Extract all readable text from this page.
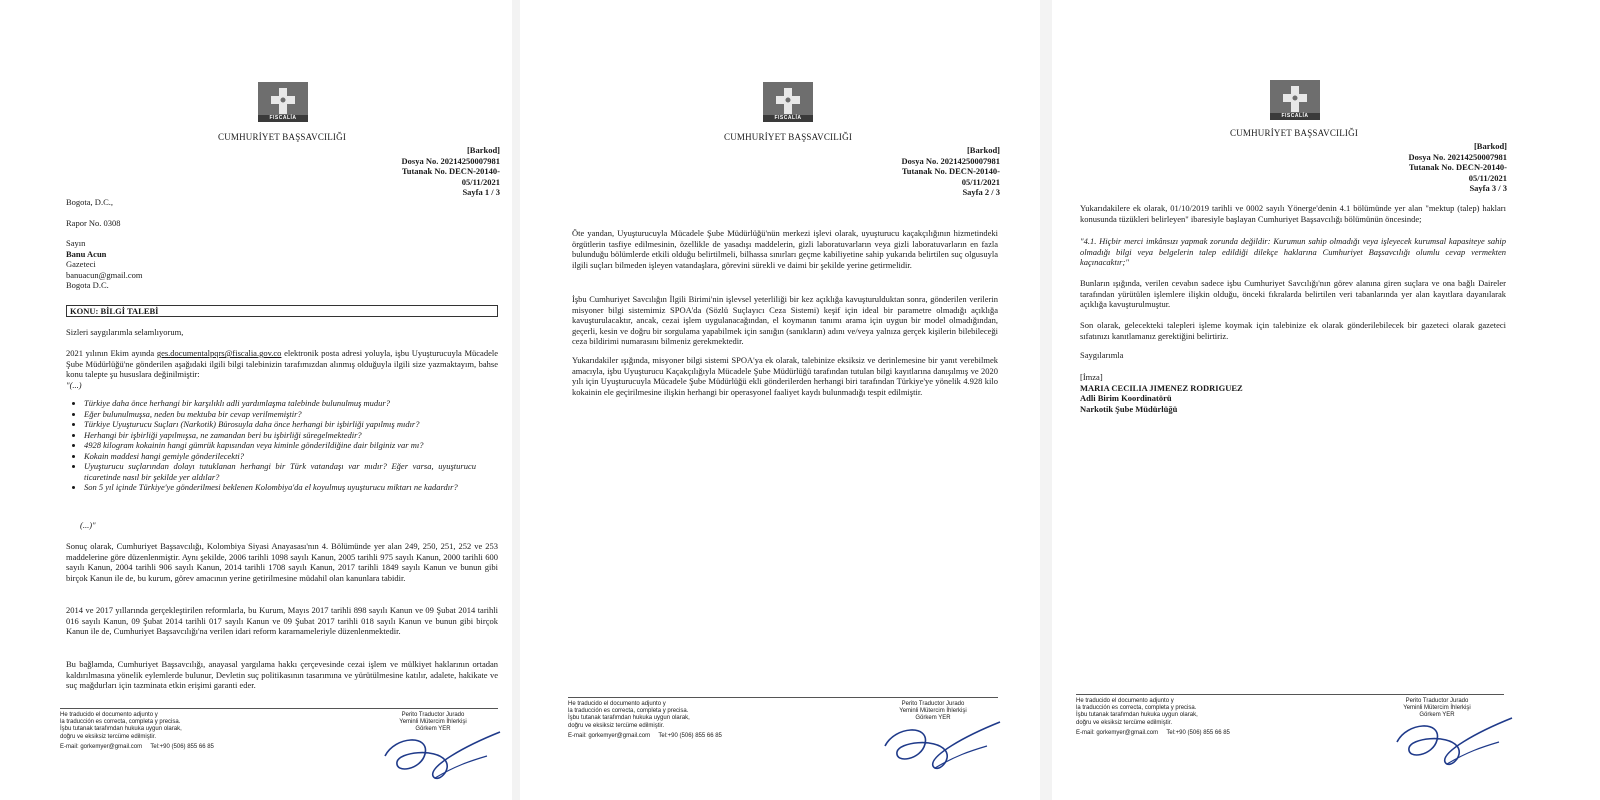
FISCALÍA
CUMHURİYET BAŞSAVCILIĞI
[Barkod]
Dosya No. 20214250007981
Tutanak No. DECN-20140-
05/11/2021
Sayfa 1 / 3
Bogota, D.C.,
Rapor No. 0308
Sayın
Banu Acun
Gazeteci
banuacun@gmail.com
Bogota D.C.
KONU: BİLGİ TALEBİ
Sizleri saygılarımla selamlıyorum,
2021 yılının Ekim ayında ges.documentalpqrs@fiscalia.gov.co elektronik posta adresi yoluyla, işbu Uyuşturucuyla Mücadele Şube Müdürlüğü'ne gönderilen aşağıdaki ilgili bilgi talebinizin tarafımızdan alınmış olduğuyla ilgili size yazmaktayım, bahse konu talepte şu hususlara değinilmiştir:
"(...)
• Türkiye daha önce herhangi bir karşılıklı adli yardımlaşma talebinde bulunulmuş mudur?
• Eğer bulunulmuşsa, neden bu mektuba bir cevap verilmemiştir?
• Türkiye Uyuşturucu Suçları (Narkotik) Bürosuyla daha önce herhangi bir işbirliği yapılmış mıdır?
• Herhangi bir işbirliği yapılmışsa, ne zamandan beri bu işbirliği süregelmektedir?
• 4928 kilogram kokainin hangi gümrük kapısından veya kiminle gönderildiğine dair bilginiz var mı?
• Kokain maddesi hangi gemiyle gönderilecekti?
• Uyuşturucu suçlarından dolayı tutuklanan herhangi bir Türk vatandaşı var mıdır? Eğer varsa, uyuşturucu ticaretinde nasıl bir şekilde yer aldılar?
• Son 5 yıl içinde Türkiye'ye gönderilmesi beklenen Kolombiya'da el koyulmuş uyuşturucu miktarı ne kadardır?
(...)"
Sonuç olarak, Cumhuriyet Başsavcılığı, Kolombiya Siyasi Anayasası'nın 4. Bölümünde yer alan 249, 250, 251, 252 ve 253 maddelerine göre düzenlenmiştir. Aynı şekilde, 2006 tarihli 1098 sayılı Kanun, 2005 tarihli 975 sayılı Kanun, 2000 tarihli 600 sayılı Kanun, 2004 tarihli 906 sayılı Kanun, 2014 tarihli 1708 sayılı Kanun, 2017 tarihli 1849 sayılı Kanun ve bunun gibi birçok Kanun ile de, bu kurum, görev amacının yerine getirilmesine müdahil olan kanunlara tabidir.
2014 ve 2017 yıllarında gerçekleştirilen reformlarla, bu Kurum, Mayıs 2017 tarihli 898 sayılı Kanun ve 09 Şubat 2014 tarihli 016 sayılı Kanun, 09 Şubat 2014 tarihli 017 sayılı Kanun ve 09 Şubat 2017 tarihli 018 sayılı Kanun ve bunun gibi birçok Kanun ile de, Cumhuriyet Başsavcılığı'na verilen idari reform kararnameleriyle düzenlenmektedir.
Bu bağlamda, Cumhuriyet Başsavcılığı, anayasal yargılama hakkı çerçevesinde cezai işlem ve mülkiyet haklarının ortadan kaldırılmasına yönelik eylemlerde bulunur, Devletin suç politikasının tasarımına ve yürütülmesine katılır, adalete, hakikate ve suç mağdurları için tazminata etkin erişimi garanti eder.
He traducido el documento adjunto y
la traducción es correcta, completa y precisa.
İşbu tutanak tarafımdan hukuka uygun olarak,
doğru ve eksiksiz tercüme edilmiştir.
E-mail: gorkemyer@gmail.com     Tel:+90 (506) 855 66 85
Perito Traductor Jurado
Yeminli Mütercim İhlerkişi
Görkem YER
FISCALÍA
CUMHURİYET BAŞSAVCILIĞI
[Barkod]
Dosya No. 20214250007981
Tutanak No. DECN-20140-
05/11/2021
Sayfa 2 / 3
Öte yandan, Uyuşturucuyla Mücadele Şube Müdürlüğü'nün merkezi işlevi olarak, uyuşturucu kaçakçılığının hizmetindeki örgütlerin tasfiye edilmesinin, özellikle de yasadışı maddelerin, gizli laboratuvarların veya gizli laboratuvarların en fazla bulunduğu bölümlerde etkili olduğu belirtilmeli, bilhassa sınırları geçme kabiliyetine sahip yukarıda belirtilen suç olgusuyla ilgili suçları bilmeden işleyen vatandaşlara, görevini sürekli ve daimi bir şekilde yerine getirmelidir.
İşbu Cumhuriyet Savcılığın İlgili Birimi'nin işlevsel yeterliliği bir kez açıklığa kavuşturulduktan sonra, gönderilen verilerin misyoner bilgi sistemimiz SPOA'da (Sözlü Suçlayıcı Ceza Sistemi) keşif için ideal bir parametre olmadığı açıklığa kavuşturulacaktır, ancak, cezai işlem uygulanacağından, el koymanın tanımı arama için uygun bir model olmadığından, geçerli, kesin ve doğru bir sorgulama yapabilmek için sanığın (sanıkların) adını ve/veya yalnıza gerçek kişilerin bilebileceği ceza bildirimi numarasını bilmeniz gerekmektedir.
Yukarıdakiler ışığında, misyoner bilgi sistemi SPOA'ya ek olarak, talebinize eksiksiz ve derinlemesine bir yanıt verebilmek amacıyla, işbu Uyuşturucu Kaçakçılığıyla Mücadele Şube Müdürlüğü tarafından tutulan bilgi kayıtlarına danışılmış ve 2020 yılı için Uyuşturucuyla Mücadele Şube Müdürlüğü ekli gönderilerden herhangi biri tarafından Türkiye'ye yönelik 4.928 kilo kokainin ele geçirilmesine ilişkin herhangi bir operasyonel faaliyet kaydı bulunmadığı tespit edilmiştir.
He traducido el documento adjunto y
la traducción es correcta, completa y precisa.
İşbu tutanak tarafımdan hukuka uygun olarak,
doğru ve eksiksiz tercüme edilmiştir.
E-mail: gorkemyer@gmail.com     Tel:+90 (506) 855 66 85
Perito Traductor Jurado
Yeminli Mütercim İhlerkişi
Görkem YER
FISCALÍA
CUMHURİYET BAŞSAVCILIĞI
[Barkod]
Dosya No. 20214250007981
Tutanak No. DECN-20140-
05/11/2021
Sayfa 3 / 3
Yukarıdakilere ek olarak, 01/10/2019 tarihli ve 0002 sayılı Yönerge'denin 4.1 bölümünde yer alan "mektup (talep) hakları konusunda tüzükleri belirleyen" ibaresiyle başlayan Cumhuriyet Başsavcılığı bölümünün öncesinde;
"4.1. Hiçbir merci imkânsızı yapmak zorunda değildir: Kurumun sahip olmadığı veya işleyecek kurumsal kapasiteye sahip olmadığı bilgi veya belgelerin talep edildiği dilekçe haklarına Cumhuriyet Başsavcılığı olumlu cevap vermekten kaçınacaktır;"
Bunların ışığında, verilen cevabın sadece işbu Cumhuriyet Savcılığı'nın görev alanına giren suçlara ve ona bağlı Daireler tarafından yürütülen işlemlere ilişkin olduğu, önceki fıkralarda belirtilen veri tabanlarında yer alan kayıtlara dayanılarak açıklığa kavuşturulmuştur.
Son olarak, gelecekteki talepleri işleme koymak için talebinize ek olarak gönderilebilecek bir gazeteci olarak gazeteci sıfatınızı kanıtlamanız gerektiğini belirtiriz.
Saygılarımla
[İmza]
MARIA CECILIA JIMENEZ RODRIGUEZ
Adli Birim Koordinatörü
Narkotik Şube Müdürlüğü
He traducido el documento adjunto y
la traducción es correcta, completa y precisa.
İşbu tutanak tarafımdan hukuka uygun olarak,
doğru ve eksiksiz tercüme edilmiştir.
E-mail: gorkemyer@gmail.com     Tel:+90 (506) 855 66 85
Perito Traductor Jurado
Yeminli Mütercim İhlerkişi
Görkem YER
